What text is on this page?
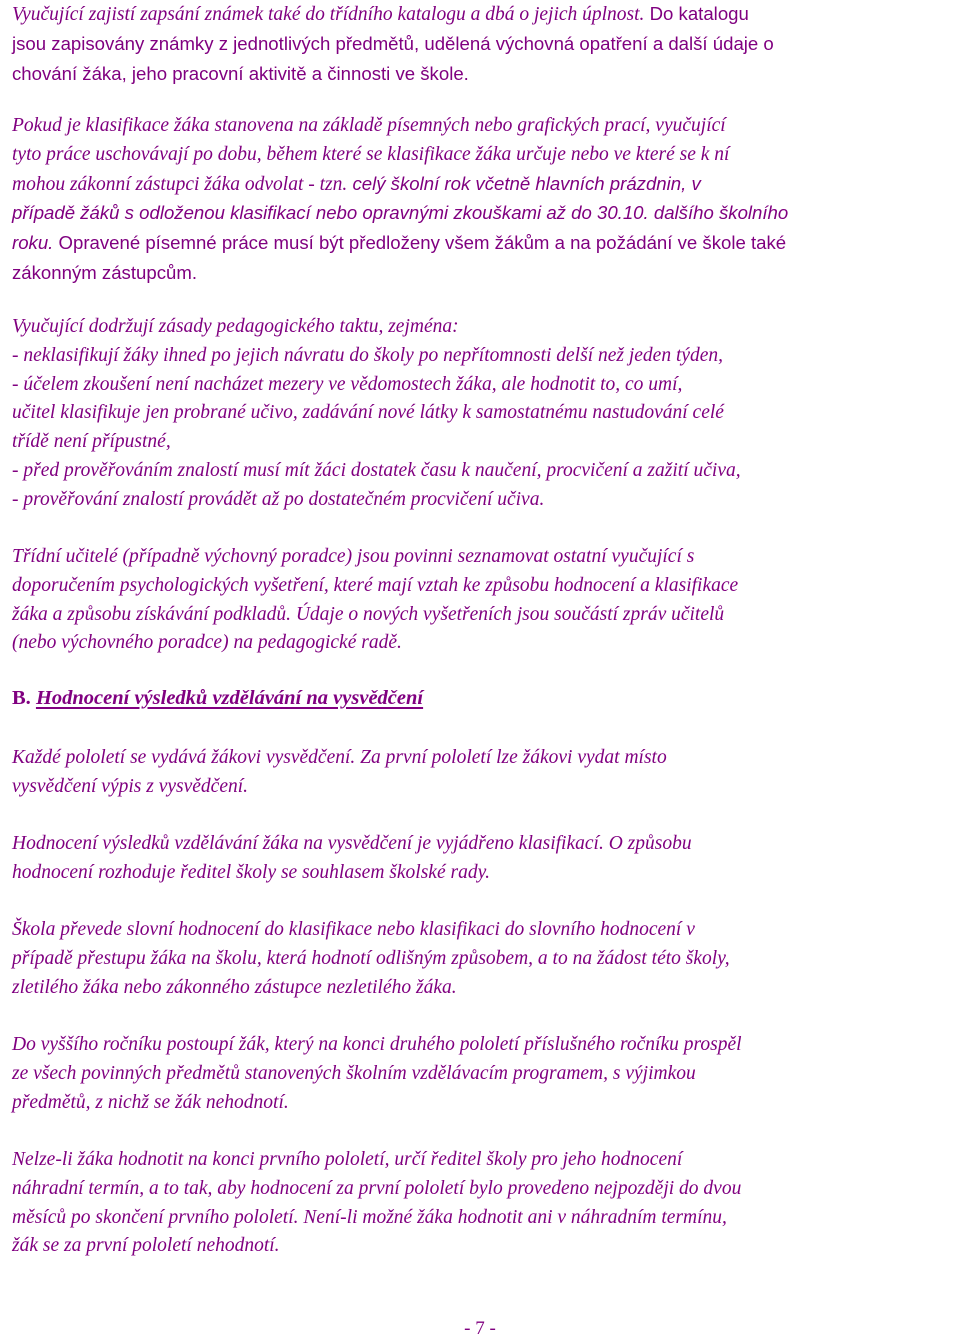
Vyučující zajistí zapsání známek také do třídního katalogu a dbá o jejich úplnost. Do katalogu
jsou zapisovány známky z jednotlivých předmětů, udělená výchovná opatření a další údaje o
chování žáka, jeho pracovní aktivitě a činnosti ve škole.

Pokud je klasifikace žáka stanovena na základě písemných nebo grafických prací, vyučující
tyto práce uschovávají po dobu, během které se klasifikace žáka určuje nebo ve které se k ní
mohou zákonní zástupci žáka odvolat - tzn. celý školní rok včetně hlavních prázdnin, v
případě žáků s odloženou klasifikací nebo opravnými zkouškami až do 30.10. dalšího školního
roku. Opravené písemné práce musí být předloženy všem žákům a na požádání ve škole také
zákonným zástupcům.

Vyučující dodržují zásady pedagogického taktu, zejména:
- neklasifikují žáky ihned po jejich návratu do školy po nepřítomnosti delší než jeden týden,
- účelem zkoušení není nacházet mezery ve vědomostech žáka, ale hodnotit to, co umí,
učitel klasifikuje jen probrané učivo, zadávání nové látky k samostatnému nastudování celé
třídě není přípustné,
- před prověřováním znalostí musí mít žáci dostatek času k naučení, procvičení a zažití učiva,
- prověřování znalostí provádět až po dostatečném procvičení učiva.

Třídní učitelé (případně výchovný poradce) jsou povinni seznamovat ostatní vyučující s
doporučením psychologických vyšetření, které mají vztah ke způsobu hodnocení a klasifikace
žáka a způsobu získávání podkladů. Údaje o nových vyšetřeních jsou součástí zpráv učitelů
(nebo výchovného poradce) na pedagogické radě.

B. Hodnocení výsledků vzdělávání na vysvědčení

Každé pololetí se vydává žákovi vysvědčení. Za první pololetí lze žákovi vydat místo
vysvědčení výpis z vysvědčení.

Hodnocení výsledků vzdělávání žáka na vysvědčení je vyjádřeno klasifikací. O způsobu
hodnocení rozhoduje ředitel školy se souhlasem školské rady.

Škola převede slovní hodnocení do klasifikace nebo klasifikaci do slovního hodnocení v
případě přestupu žáka na školu, která hodnotí odlišným způsobem, a to na žádost této školy,
zletilého žáka nebo zákonného zástupce nezletilého žáka.

Do vyššího ročníku postoupí žák, který na konci druhého pololetí příslušného ročníku prospěl
ze všech povinných předmětů stanovených školním vzdělávacím programem, s výjimkou
předmětů, z nichž se žák nehodnotí.

Nelze-li žáka hodnotit na konci prvního pololetí, určí ředitel školy pro jeho hodnocení
náhradní termín, a to tak, aby hodnocení za první pololetí bylo provedeno nejpozději do dvou
měsíců po skončení prvního pololetí. Není-li možné žáka hodnotit ani v náhradním termínu,
žák se za první pololetí nehodnotí.

- 7 -
